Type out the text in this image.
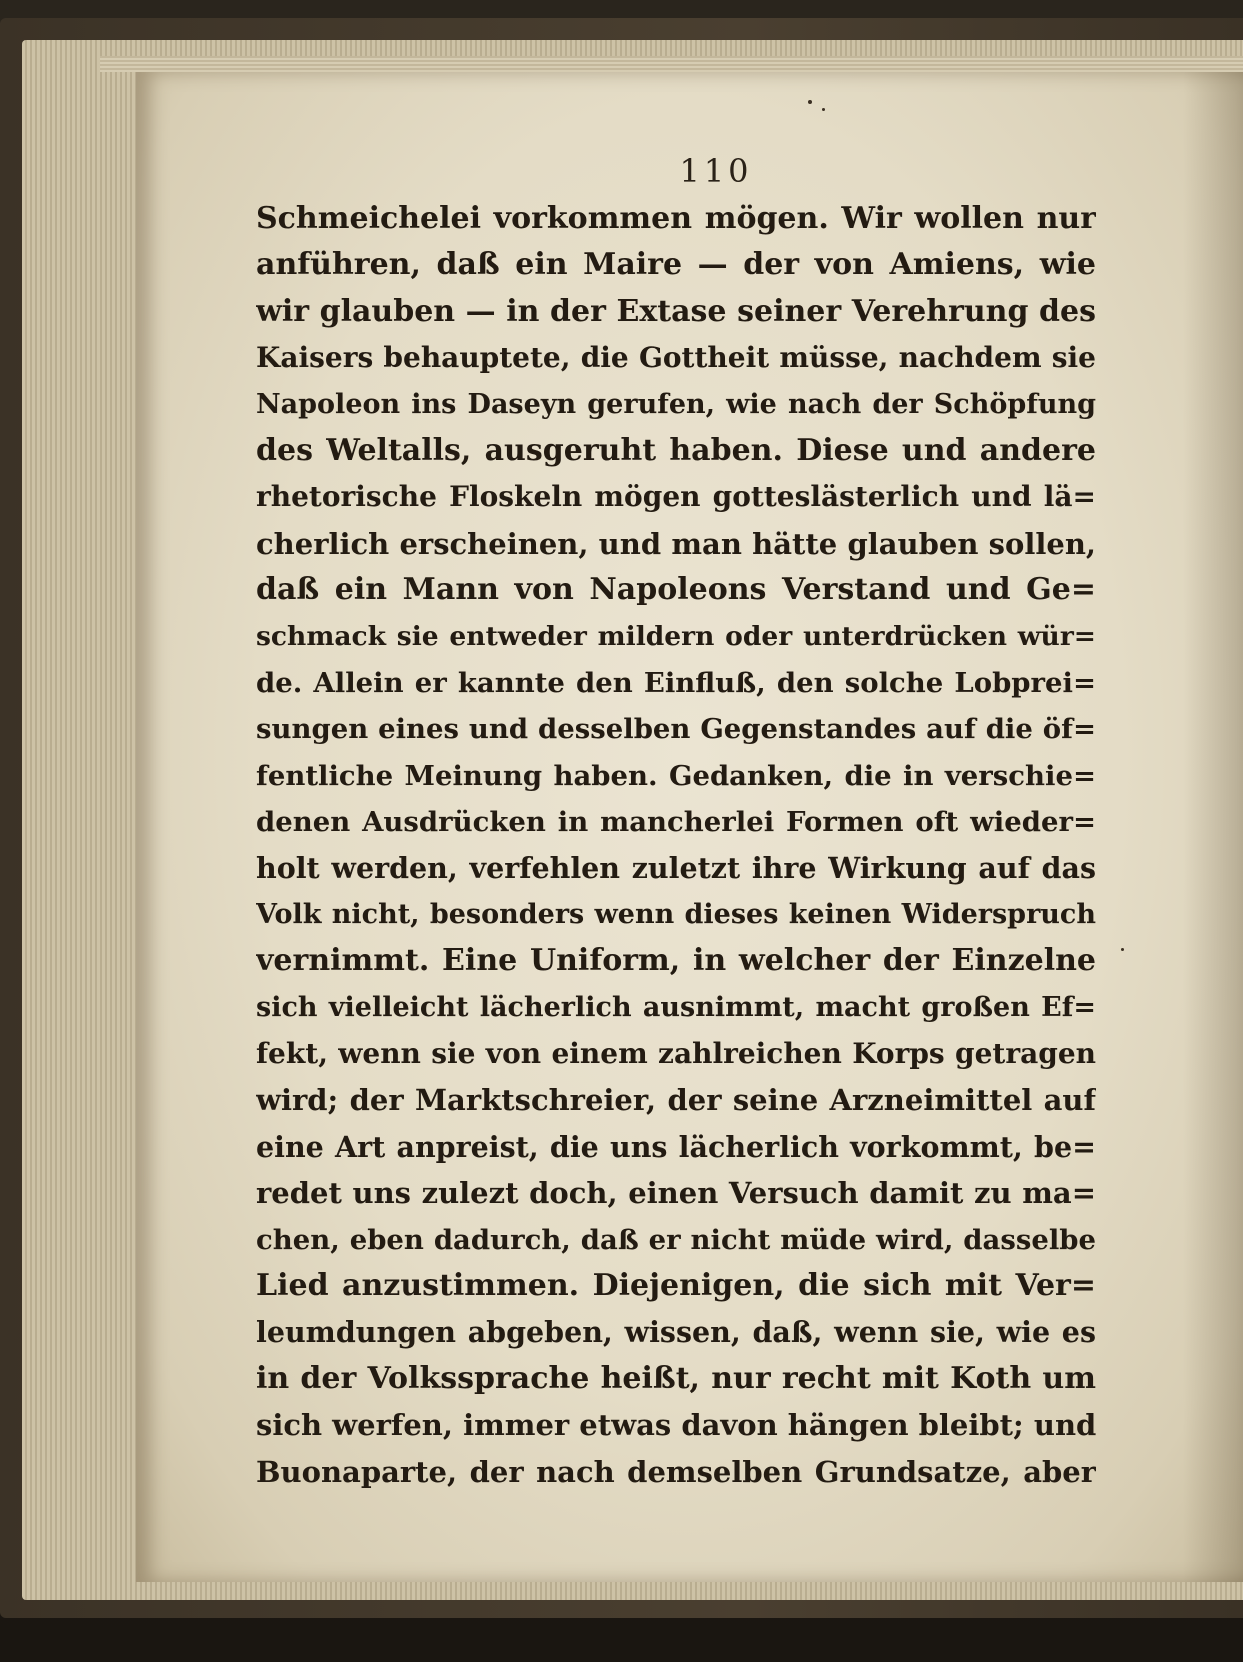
110
Schmeichelei vorkommen mögen. Wir wollen nur
anführen, daß ein Maire — der von Amiens, wie
wir glauben — in der Extase seiner Verehrung des
Kaisers behauptete, die Gottheit müsse, nachdem sie
Napoleon ins Daseyn gerufen, wie nach der Schöpfung
des Weltalls, ausgeruht haben. Diese und andere
rhetorische Floskeln mögen gotteslästerlich und lä=
cherlich erscheinen, und man hätte glauben sollen,
daß ein Mann von Napoleons Verstand und Ge=
schmack sie entweder mildern oder unterdrücken wür=
de. Allein er kannte den Einfluß, den solche Lobprei=
sungen eines und desselben Gegenstandes auf die öf=
fentliche Meinung haben. Gedanken, die in verschie=
denen Ausdrücken in mancherlei Formen oft wieder=
holt werden, verfehlen zuletzt ihre Wirkung auf das
Volk nicht, besonders wenn dieses keinen Widerspruch
vernimmt. Eine Uniform, in welcher der Einzelne
sich vielleicht lächerlich ausnimmt, macht großen Ef=
fekt, wenn sie von einem zahlreichen Korps getragen
wird; der Marktschreier, der seine Arzneimittel auf
eine Art anpreist, die uns lächerlich vorkommt, be=
redet uns zulezt doch, einen Versuch damit zu ma=
chen, eben dadurch, daß er nicht müde wird, dasselbe
Lied anzustimmen. Diejenigen, die sich mit Ver=
leumdungen abgeben, wissen, daß, wenn sie, wie es
in der Volkssprache heißt, nur recht mit Koth um
sich werfen, immer etwas davon hängen bleibt; und
Buonaparte, der nach demselben Grundsatze, aber
